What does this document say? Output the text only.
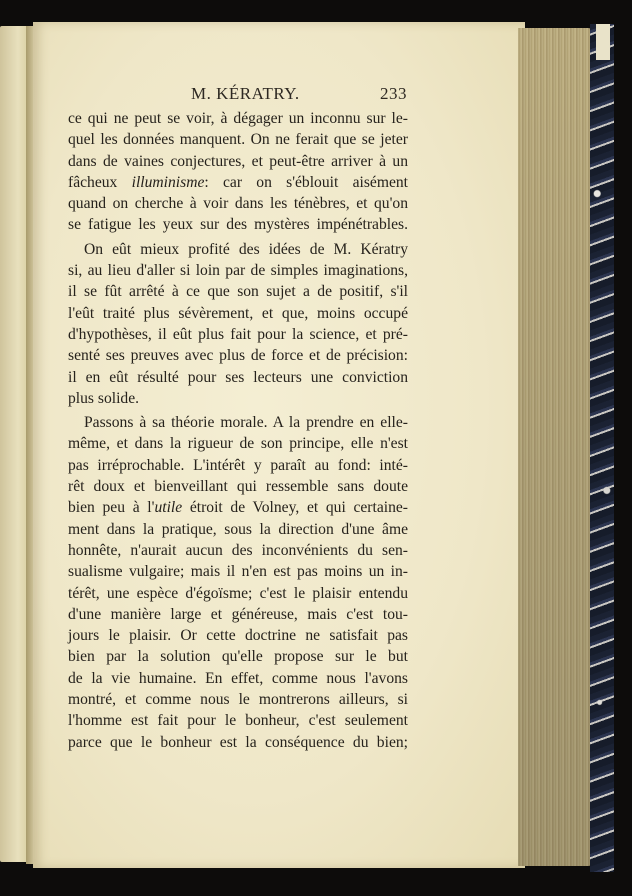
M. KÉRATRY.	233
ce qui ne peut se voir, à dégager un inconnu sur le-
quel les données manquent. On ne ferait que se jeter
dans de vaines conjectures, et peut-être arriver à un
fâcheux illuminisme: car on s'éblouit aisément
quand on cherche à voir dans les ténèbres, et qu'on
se fatigue les yeux sur des mystères impénétrables.
On eût mieux profité des idées de M. Kératry
si, au lieu d'aller si loin par de simples imaginations,
il se fût arrêté à ce que son sujet a de positif, s'il
l'eût traité plus sévèrement, et que, moins occupé
d'hypothèses, il eût plus fait pour la science, et pré-
senté ses preuves avec plus de force et de précision:
il en eût résulté pour ses lecteurs une conviction
plus solide.
Passons à sa théorie morale. A la prendre en elle-
même, et dans la rigueur de son principe, elle n'est
pas irréprochable. L'intérêt y paraît au fond: inté-
rêt doux et bienveillant qui ressemble sans doute
bien peu à l'utile étroit de Volney, et qui certaine-
ment dans la pratique, sous la direction d'une âme
honnête, n'aurait aucun des inconvénients du sen-
sualisme vulgaire; mais il n'en est pas moins un in-
térêt, une espèce d'égoïsme; c'est le plaisir entendu
d'une manière large et généreuse, mais c'est tou-
jours le plaisir. Or cette doctrine ne satisfait pas
bien par la solution qu'elle propose sur le but
de la vie humaine. En effet, comme nous l'avons
montré, et comme nous le montrerons ailleurs, si
l'homme est fait pour le bonheur, c'est seulement
parce que le bonheur est la conséquence du bien;
